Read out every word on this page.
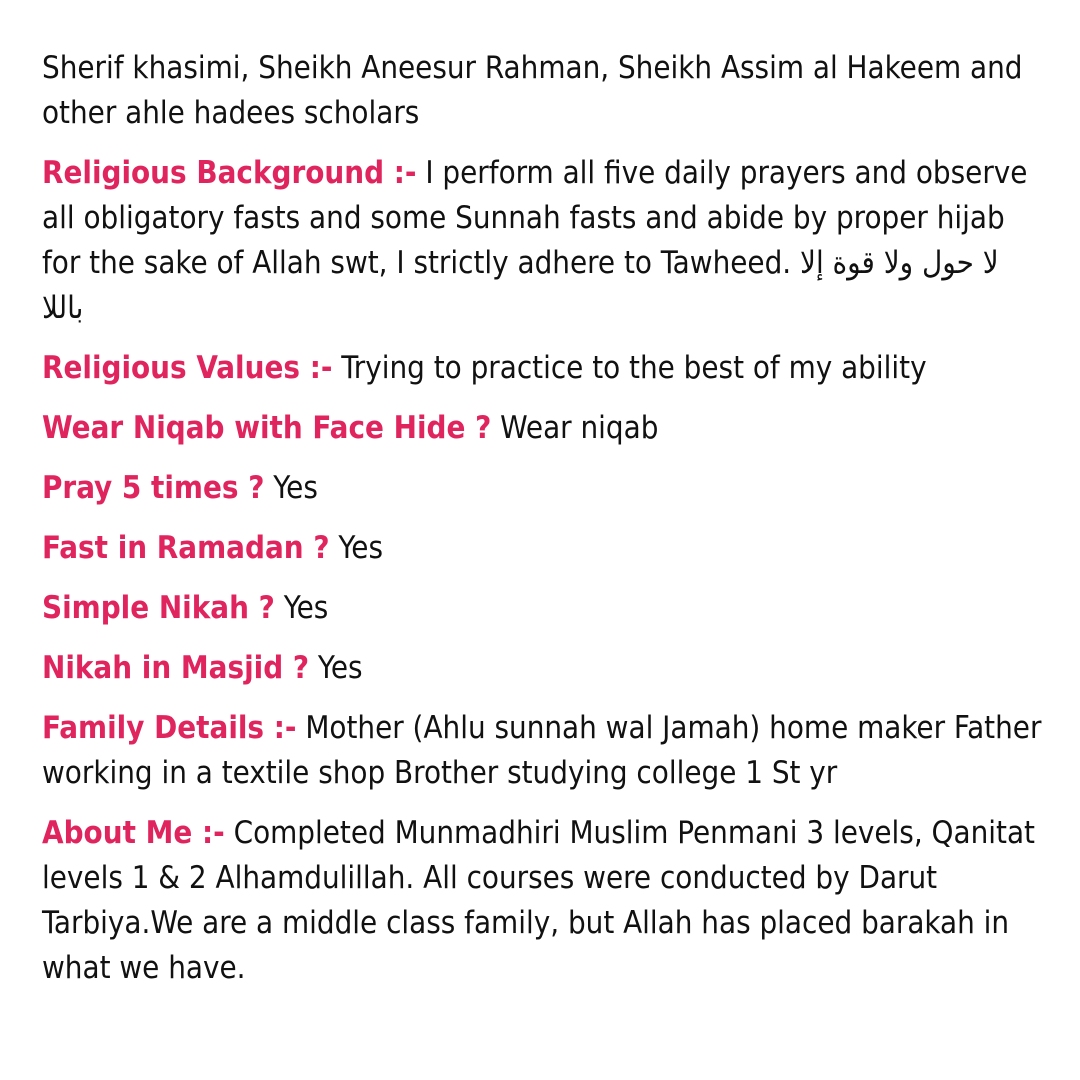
Sherif khasimi, Sheikh Aneesur Rahman, Sheikh Assim al Hakeem and other ahle hadees scholars

Religious Background :- I perform all five daily prayers and observe all obligatory fasts and some Sunnah fasts and abide by proper hijab for the sake of Allah swt, I strictly adhere to Tawheed. لا حول ولا قوة إلا باللا

Religious Values :- Trying to practice to the best of my ability

Wear Niqab with Face Hide ? Wear niqab

Pray 5 times ? Yes

Fast in Ramadan ? Yes

Simple Nikah ? Yes

Nikah in Masjid ? Yes

Family Details :- Mother (Ahlu sunnah wal Jamah) home maker Father working in a textile shop Brother studying college 1 St yr

About Me :- Completed Munmadhiri Muslim Penmani 3 levels, Qanitat levels 1 & 2 Alhamdulillah. All courses were conducted by Darut Tarbiya.We are a middle class family, but Allah has placed barakah in what we have.
